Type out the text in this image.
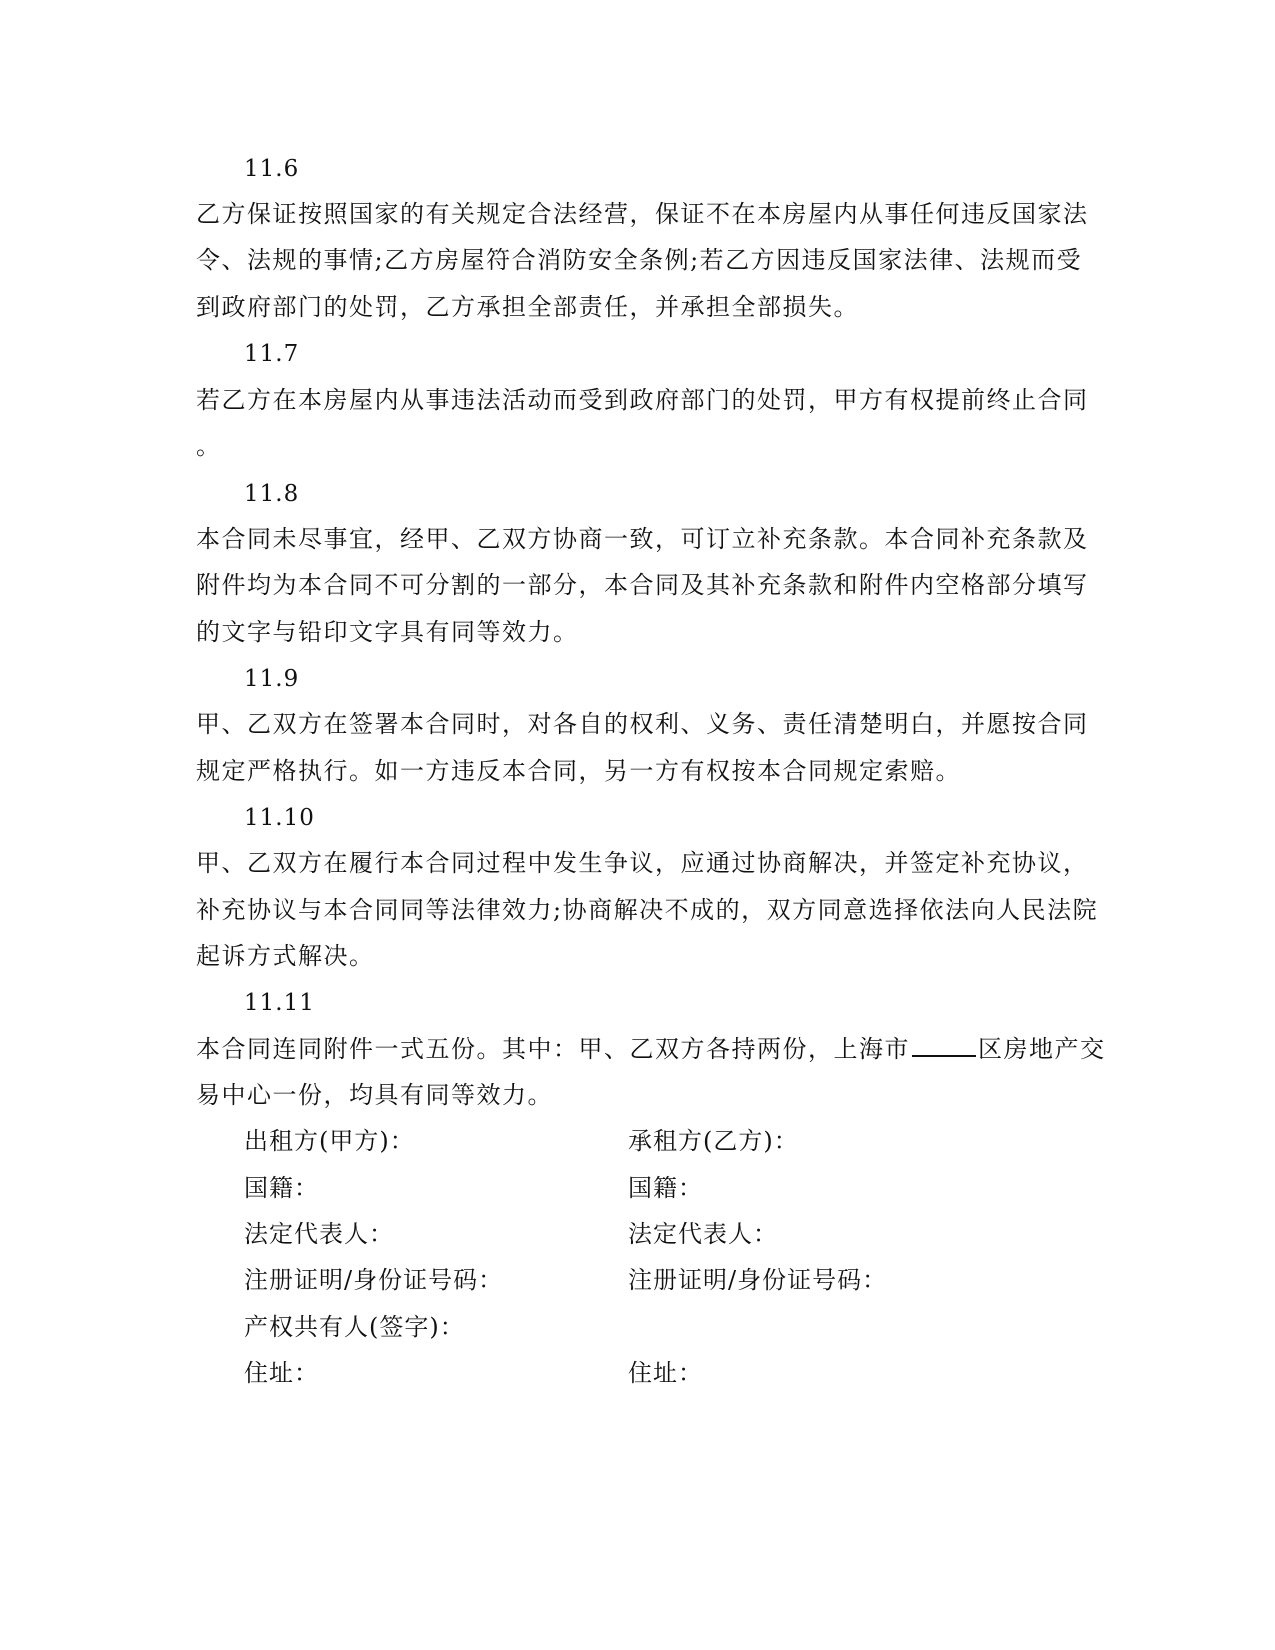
11.6
乙方保证按照国家的有关规定合法经营，保证不在本房屋内从事任何违反国家法
令、法规的事情;乙方房屋符合消防安全条例;若乙方因违反国家法律、法规而受
到政府部门的处罚，乙方承担全部责任，并承担全部损失。
11.7
若乙方在本房屋内从事违法活动而受到政府部门的处罚，甲方有权提前终止合同
。
11.8
本合同未尽事宜，经甲、乙双方协商一致，可订立补充条款。本合同补充条款及
附件均为本合同不可分割的一部分，本合同及其补充条款和附件内空格部分填写
的文字与铅印文字具有同等效力。
11.9
甲、乙双方在签署本合同时，对各自的权利、义务、责任清楚明白，并愿按合同
规定严格执行。如一方违反本合同，另一方有权按本合同规定索赔。
11.10
甲、乙双方在履行本合同过程中发生争议，应通过协商解决，并签定补充协议，
补充协议与本合同同等法律效力;协商解决不成的，双方同意选择依法向人民法院
起诉方式解决。
11.11
本合同连同附件一式五份。其中：甲、乙双方各持两份，上海市	区房地产交
易中心一份，均具有同等效力。
出租方(甲方)：	承租方(乙方)：
国籍：	国籍：
法定代表人：	法定代表人：
注册证明/身份证号码：	注册证明/身份证号码：
产权共有人(签字)：
住址：	住址：
